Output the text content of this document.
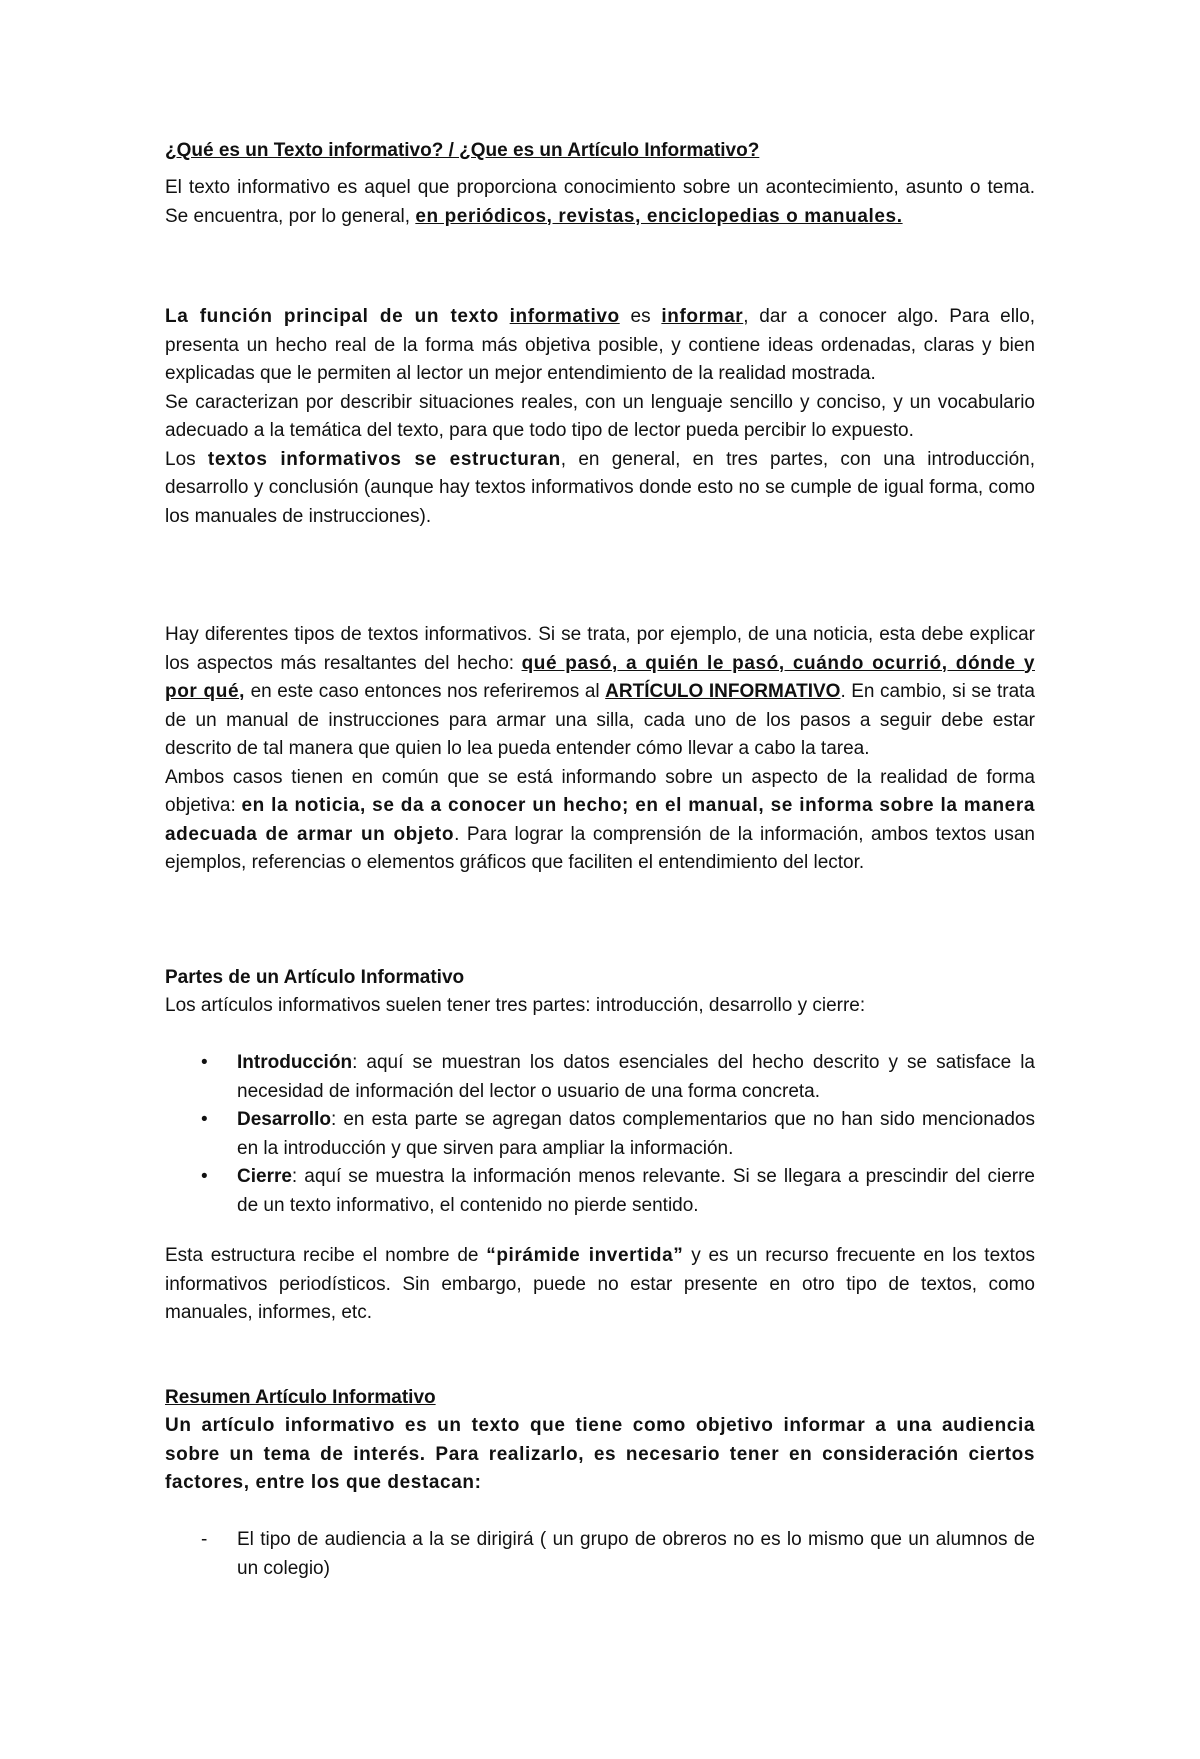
¿Qué es un Texto informativo? / ¿Que es un Artículo Informativo?

El texto informativo es aquel que proporciona conocimiento sobre un acontecimiento, asunto o tema. Se encuentra, por lo general, en periódicos, revistas, enciclopedias o manuales.

La función principal de un texto informativo es informar, dar a conocer algo. Para ello, presenta un hecho real de la forma más objetiva posible, y contiene ideas ordenadas, claras y bien explicadas que le permiten al lector un mejor entendimiento de la realidad mostrada.

Se caracterizan por describir situaciones reales, con un lenguaje sencillo y conciso, y un vocabulario adecuado a la temática del texto, para que todo tipo de lector pueda percibir lo expuesto.

Los textos informativos se estructuran, en general, en tres partes, con una introducción, desarrollo y conclusión (aunque hay textos informativos donde esto no se cumple de igual forma, como los manuales de instrucciones).

Hay diferentes tipos de textos informativos. Si se trata, por ejemplo, de una noticia, esta debe explicar los aspectos más resaltantes del hecho: qué pasó, a quién le pasó, cuándo ocurrió, dónde y por qué, en este caso entonces nos referiremos al ARTÍCULO INFORMATIVO. En cambio, si se trata de un manual de instrucciones para armar una silla, cada uno de los pasos a seguir debe estar descrito de tal manera que quien lo lea pueda entender cómo llevar a cabo la tarea.

Ambos casos tienen en común que se está informando sobre un aspecto de la realidad de forma objetiva: en la noticia, se da a conocer un hecho; en el manual, se informa sobre la manera adecuada de armar un objeto. Para lograr la comprensión de la información, ambos textos usan ejemplos, referencias o elementos gráficos que faciliten el entendimiento del lector.

Partes de un Artículo Informativo

Los artículos informativos suelen tener tres partes: introducción, desarrollo y cierre:

• Introducción: aquí se muestran los datos esenciales del hecho descrito y se satisface la necesidad de información del lector o usuario de una forma concreta.
• Desarrollo: en esta parte se agregan datos complementarios que no han sido mencionados en la introducción y que sirven para ampliar la información.
• Cierre: aquí se muestra la información menos relevante. Si se llegara a prescindir del cierre de un texto informativo, el contenido no pierde sentido.

Esta estructura recibe el nombre de “pirámide invertida” y es un recurso frecuente en los textos informativos periodísticos. Sin embargo, puede no estar presente en otro tipo de textos, como manuales, informes, etc.

Resumen Artículo Informativo

Un artículo informativo es un texto que tiene como objetivo informar a una audiencia sobre un tema de interés. Para realizarlo, es necesario tener en consideración ciertos factores, entre los que destacan:

- El tipo de audiencia a la se dirigirá ( un grupo de obreros no es lo mismo que un alumnos de un colegio)
